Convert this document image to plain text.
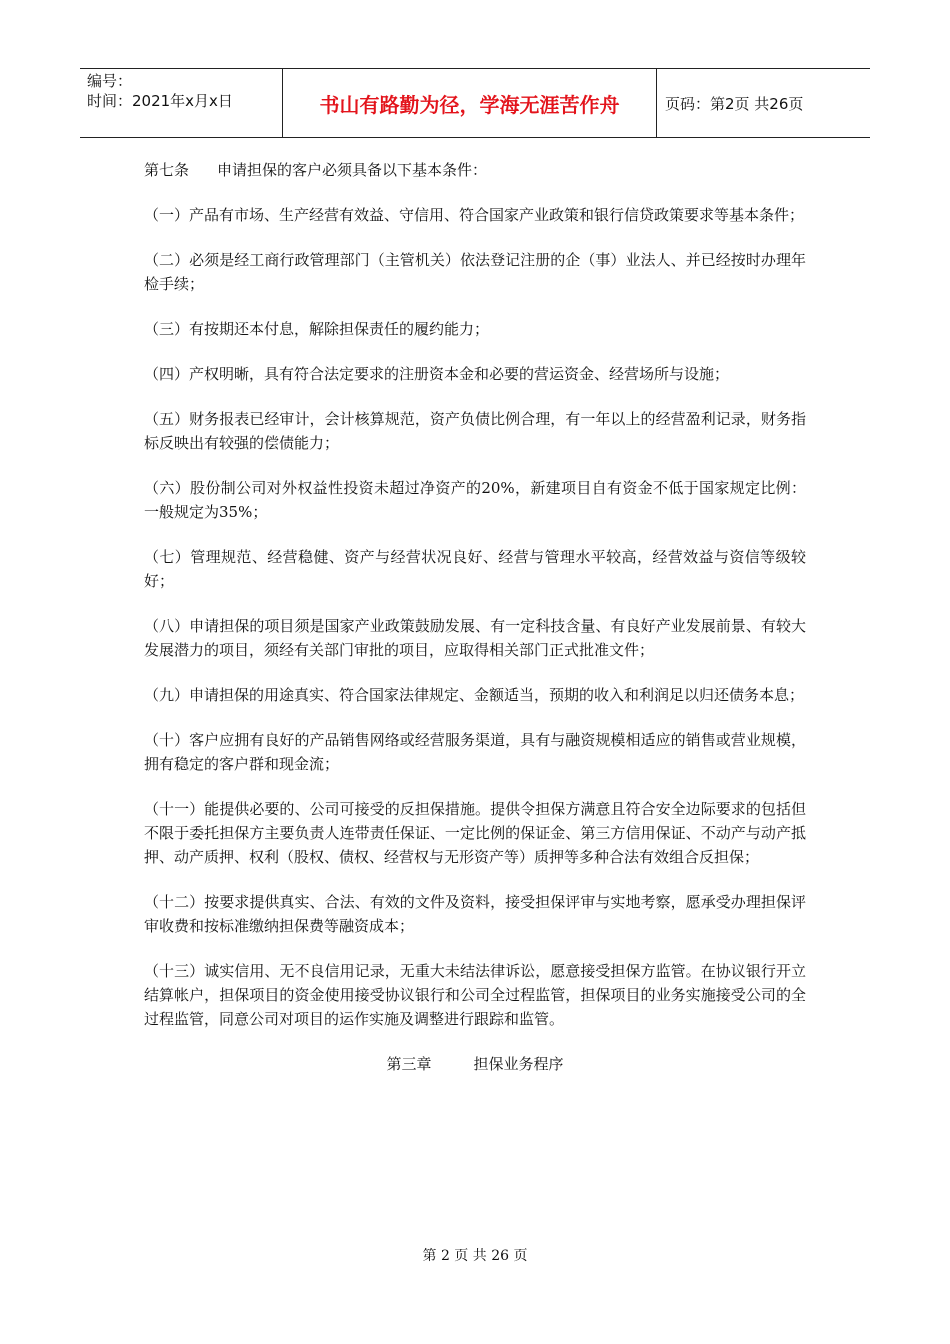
编号：
时间：2021年x月x日	书山有路勤为径，学海无涯苦作舟	页码：第2页 共26页

第七条 申请担保的客户必须具备以下基本条件：

（一）产品有市场、生产经营有效益、守信用、符合国家产业政策和银行信贷政策要求等基本条件；

（二）必须是经工商行政管理部门（主管机关）依法登记注册的企（事）业法人、并已经按时办理年检手续；

（三）有按期还本付息，解除担保责任的履约能力；

（四）产权明晰，具有符合法定要求的注册资本金和必要的营运资金、经营场所与设施；

（五）财务报表已经审计，会计核算规范，资产负债比例合理，有一年以上的经营盈利记录，财务指标反映出有较强的偿债能力；

（六）股份制公司对外权益性投资未超过净资产的20%，新建项目自有资金不低于国家规定比例：一般规定为35%；

（七）管理规范、经营稳健、资产与经营状况良好、经营与管理水平较高，经营效益与资信等级较好；

（八）申请担保的项目须是国家产业政策鼓励发展、有一定科技含量、有良好产业发展前景、有较大发展潜力的项目，须经有关部门审批的项目，应取得相关部门正式批准文件；

（九）申请担保的用途真实、符合国家法律规定、金额适当，预期的收入和利润足以归还债务本息；

（十）客户应拥有良好的产品销售网络或经营服务渠道，具有与融资规模相适应的销售或营业规模，拥有稳定的客户群和现金流；

（十一）能提供必要的、公司可接受的反担保措施。提供令担保方满意且符合安全边际要求的包括但不限于委托担保方主要负责人连带责任保证、一定比例的保证金、第三方信用保证、不动产与动产抵押、动产质押、权利（股权、债权、经营权与无形资产等）质押等多种合法有效组合反担保；

（十二）按要求提供真实、合法、有效的文件及资料，接受担保评审与实地考察，愿承受办理担保评审收费和按标准缴纳担保费等融资成本；

（十三）诚实信用、无不良信用记录，无重大未结法律诉讼，愿意接受担保方监管。在协议银行开立结算帐户，担保项目的资金使用接受协议银行和公司全过程监管，担保项目的业务实施接受公司的全过程监管，同意公司对项目的运作实施及调整进行跟踪和监管。

第三章	担保业务程序

第 2 页 共 26 页
